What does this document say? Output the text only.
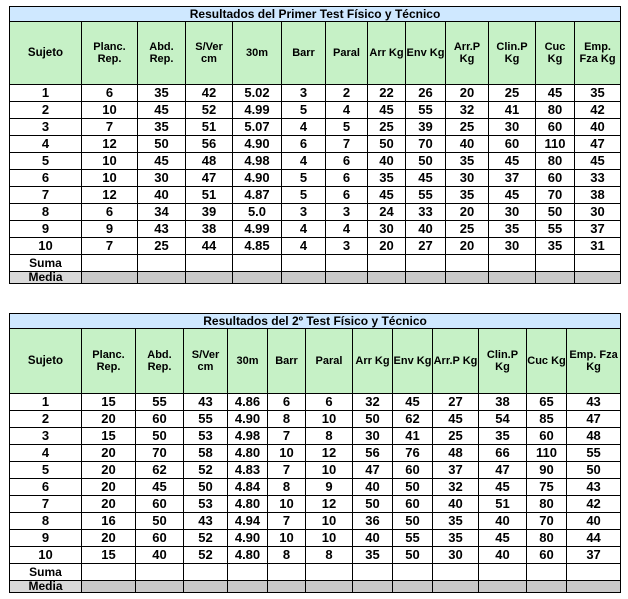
Resultados del Primer Test Físico y Técnico												
Sujeto	Planc. Rep.	Abd. Rep.	S/Ver cm	30m	Barr	Paral	Arr Kg	Env Kg	Arr.P Kg	Clin.P Kg	Cuc Kg	Emp. Fza Kg
1	6	35	42	5.02	3	2	22	26	20	25	45	35
2	10	45	52	4.99	5	4	45	55	32	41	80	42
3	7	35	51	5.07	4	5	25	39	25	30	60	40
4	12	50	56	4.90	6	7	50	70	40	60	110	47
5	10	45	48	4.98	4	6	40	50	35	45	80	45
6	10	30	47	4.90	5	6	35	45	30	37	60	33
7	12	40	51	4.87	5	6	45	55	35	45	70	38
8	6	34	39	5.0	3	3	24	33	20	30	50	30
9	9	43	38	4.99	4	4	30	40	25	35	55	37
10	7	25	44	4.85	4	3	20	27	20	30	35	31
Suma												
Media												
Resultados del 2º Test Físico y Técnico												
Sujeto	Planc. Rep.	Abd. Rep.	S/Ver cm	30m	Barr	Paral	Arr Kg	Env Kg	Arr.P Kg	Clin.P Kg	Cuc Kg	Emp. Fza Kg
1	15	55	43	4.86	6	6	32	45	27	38	65	43
2	20	60	55	4.90	8	10	50	62	45	54	85	47
3	15	50	53	4.98	7	8	30	41	25	35	60	48
4	20	70	58	4.80	10	12	56	76	48	66	110	55
5	20	62	52	4.83	7	10	47	60	37	47	90	50
6	20	45	50	4.84	8	9	40	50	32	45	75	43
7	20	60	53	4.80	10	12	50	60	40	51	80	42
8	16	50	43	4.94	7	10	36	50	35	40	70	40
9	20	60	52	4.90	10	10	40	55	35	45	80	44
10	15	40	52	4.80	8	8	35	50	30	40	60	37
Suma												
Media												
